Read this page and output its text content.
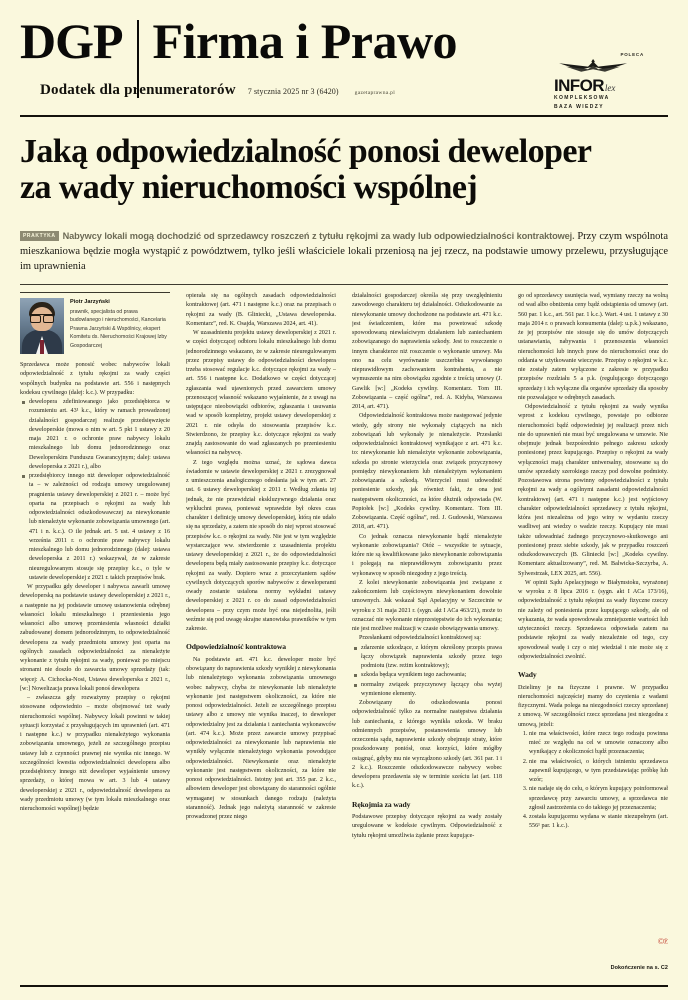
DGP Firma i Prawo
Dodatek dla prenumeratorów 7 stycznia 2025 nr 3 (6420)	gazetaprawna.pl
POLECA
INFOR lex
KOMPLEKSOWA
BAZA WIEDZY
Jaką odpowiedzialność ponosi deweloper
za wady nieruchomości wspólnej
PRAKTYKA Nabywcy lokali mogą dochodzić od sprzedawcy roszczeń z tytułu rękojmi za wady lub odpowiedzialności kontraktowej. Przy czym wspólnota mieszkaniowa będzie mogła wystąpić z powództwem, tylko jeśli właściciele lokali przeniosą na jej rzecz, na podstawie umowy przelewu, przysługujące im uprawnienia
Piotr Jarzyński
prawnik, specjalista od prawa budowlanego i nieruchomości, Kancelaria Prawna Jarzyński & Wspólnicy, ekspert Komitetu ds. Nieruchomości Krajowej Izby Gospodarczej

Sprzedawca może ponosić wobec nabywców lokali odpowiedzialność z tytułu rękojmi za wady części wspólnych budynku na podstawie art. 556 i następnych kodeksu cywilnego (dalej: k.c.). W przypadku:

dewelopera zdefiniowanego jako przedsiębiorca w rozumieniu art. 43¹ k.c., który w ramach prowadzonej działalności gospodarczej realizuje przedsięwzięcie deweloperskie (mowa o nim w art. 5 pkt 1 ustawy z 20 maja 2021 r. o ochronie praw nabywcy lokalu mieszkalnego lub domu jednorodzinnego oraz Deweloperskim Funduszu Gwarancyjnym; dalej: ustawa deweloperska z 2021 r.), albo
przedsiębiorcy innego niż deweloper odpowiedzialność ta – w zależności od rodzaju umowy uregulowanej pragnienia ustawy deweloperskiej z 2021 r. – może być oparta na przepisach o rękojmi za wady lub odpowiedzialności odszkodowawczej za niewykonanie lub nienależyte wykonanie zobowiązania umownego (art. 471 i n. k.c.). O ile jednak art. 5 ust. 4 ustawy z 16 września 2011 r. o ochronie praw nabywcy lokalu mieszkalnego lub domu jednorodzinnego (dalej: ustawa deweloperska z 2011 r.) wskazywał, że w zakresie nieuregulowanym stosuje się przepisy k.c., o tyle w ustawie deweloperskiej z 2021 r. takich przepisów brak.

W przypadku gdy deweloper i nabywca zawarli umowę deweloperską na podstawie ustawy deweloperskiej z 2021 r., a następnie na jej podstawie umowę ustanowienia odrębnej własności lokalu mieszkalnego i przeniesienia jego własności albo umowę przeniesienia własności działki zabudowanej domem jednorodzinnym, to odpowiedzialność dewelopera za wady przedmiotu umowy jest oparta na ogólnych zasadach odpowiedzialności za nienależyte wykonanie z tytułu rękojmi za wady, ponieważ po miejscu stronami nie doszło do zawarcia umowy sprzedaży (tak: więcej: A. Cichocka-Nosi, Ustawa deweloperska z 2021 r., [w:] Nowelizacja prawa lokali ponoś dewelopera

– zwłaszcza gdy rozważymy przepisy o rękojmi stosowane odpowiednio – może obejmować też wady nieruchomości wspólnej. Nabywcy lokali powinni w takiej sytuacji korzystać z przysługujących im uprawnień (art. 471 i następne k.c.) w przypadku nienależytego wykonania zobowiązania umownego, jeżeli ze szczególnego przepisu ustawy lub z czynności prawnej nie wynika nic innego. W szczególności kwestia odpowiedzialności dewelopera albo przedsiębiorcy innego niż deweloper wyjaśnienie umowy sprzedaży, o której mowa w art. 3 lub 4 ustawy deweloperskiej z 2021 r., odpowiedzialność dewelopera za wady przedmiotu umowy (w tym lokalu mieszkalnego oraz nieruchomości wspólnej) będzie

opierała się na ogólnych zasadach odpowiedzialności kontraktowej (art. 471 i następne k.c.) oraz na przepisach o rękojmi za wady (B. Gliniecki, „Ustawa deweloperska. Komentarz”, red. K. Osajda, Warszawa 2024, art. 41).

W uzasadnieniu projektu ustawy deweloperskiej z 2021 r. w części dotyczącej odbioru lokalu mieszkalnego lub domu jednorodzinnego wskazano, że w zakresie nieuregulowanym przez przepisy ustawy do odpowiedzialności dewelopera trzeba stosować regulacje k.c. dotyczące rękojmi za wady – art. 556 i następne k.c. Dodatkowo w części dotyczącej zgłaszania wad ujawnionych przed zawarciem umowy przenoszącej własność wskazano wyjaśnienie, że z uwagi na ustępujące nieobowiązki odbiorów, zgłaszania i usuwania wad w sposób kompletny, projekt ustawy deweloperskiej z 2021 r. nie odsyła do stosowania przepisów k.c. Stwierdzono, że przepisy k.c. dotyczące rękojmi za wady znajdą zastosowanie do wad zgłaszanych po przeniesieniu własności na nabywcę.

Z tego względu można uznać, że sądowa dawca świadomie w ustawie deweloperskiej z 2021 r. zrezygnował z umieszczenia analogicznego odesłania jak w tym art. 27 ust. 6 ustawy deweloperskiej z 2011 r. Według zdania tej jednak, że nie przewidział ekskluzywnego działania oraz wykluchni prawa, ponieważ wprawdzie był okres czas charakter i definicję umowy deweloperskiej, którą nie udało się na sprzedaży, a zatem nie sposób do niej wprost stosować przepisów k.c. o rękojmi za wady. Nie jest w tym względzie wystarczające ww. stwierdzenie z uzasadnienia projektu ustawy deweloperskiej z 2021 r., że do odpowiedzialności dewelopera będą miały zastosowanie przepisy k.c. dotyczące rękojmi za wady. Dopiero wraz z przeczytaniem sądów cywilnych dotyczących sporów nabywców z deweloperami owady zostanie ustalona normy wykładni ustawy deweloperskiej z 2021 r. co do zasad odpowiedzialności dewelopera – przy czym może być ona niejednolita, jeśli weźmie się pod uwagę skrajne stanowiska prawników w tym zakresie.

Odpowiedzialność kontraktowa

Na podstawie art. 471 k.c. deweloper może być obowiązany do naprawienia szkody wynikłej z niewykonania lub nienależytego wykonania zobowiązania umownego wobec nabywcy, chyba że niewykonanie lub nienależyte wykonanie jest następstwem okoliczności, za które nie ponosi odpowiedzialności. Jeżeli ze szczególnego przepisu ustawy albo z umowy nie wynika inaczej, to deweloper odpowiedzialny jest za działania i zaniechania wykonawców (art. 474 k.c.). Może przez zawarcie umowy przypisać odpowiedzialności za niewykonanie lub naprawienia nie wynikły wyłącznie nienależytego wykonania powodujące odpowiedzialności. Niewykonanie oraz nienależyte wykonanie jest następstwem okoliczności, za które nie ponosi odpowiedzialności. Istotny jest art. 355 par. 2 k.c., albowiem deweloper jest obowiązany do staranności ogólnie wymaganej w stosunkach danego rodzaju (należyta staranność). Jednak jego należytą staranność w zakresie prowadzonej przez niego

działalności gospodarczej określa się przy uwzględnieniu zawodowego charakteru tej działalności. Odszkodowanie za niewykonanie umowy dochodzone na podstawie art. 471 k.c. jest świadczeniem, które ma powetować szkodę spowodowaną niewłaściwym działaniem lub zaniechaniem zobowiązanego do naprawienia szkody. Jest to roszczenie o innym charakterze niż roszczenie o wykonanie umowy. Ma ono na celu wyrównanie uszczerbku wywołanego nieprawidłowym zachowaniem kontrahenta, a nie wymuszenie na nim obowiązku zgodnie z treścią umowy (J. Gawlik [w:] „Kodeks cywilny. Komentarz. Tom III. Zobowiązania – część ogólna”, red. A. Kidyba, Warszawa 2014, art. 471).

Odpowiedzialność kontraktowa może następować jedynie wtedy, gdy strony nie wykonały ciążących na nich zobowiązań lub wykonały je nienależycie. Przesłanki odpowiedzialności kontraktowej wynikające z art. 471 k.c. to: niewykonanie lub nienależyte wykonanie zobowiązania, szkoda po stronie wierzyciela oraz związek przyczynowy pomiędzy niewykonaniem lub nienależytym wykonaniem zobowiązania a szkodą. Wierzyciel musi udowodnić poniesienie szkody, jak również fakt, że ona jest następstwem okoliczności, za które dłużnik odpowiada (W. Popiołek [w:] „Kodeks cywilny. Komentarz. Tom III. Zobowiązania. Część ogólna”, red. J. Gudowski, Warszawa 2018, art. 471).

Co jednak oznacza niewykonanie bądź nienależyte wykonanie zobowiązania? Otóż – wszystkie te sytuacje, które nie są kwalifikowane jako niewykonanie zobowiązania i polegają na nieprawidłowym zobowiązaniu przez wykonawcę w sposób niezgodny z jego treścią.

Z kolei niewykonanie zobowiązania jest związane z zakończeniem lub częściowym niewykonaniem dowolnie umownych. Jak wskazał Sąd Apelacyjny w Szczecinie w wyroku z 31 maja 2021 r. (sygn. akt I ACa 463/21), może to oznaczać nie wykonanie nieprzestępstwie do ich wykonania; nie jest możliwe realizacji w czasie obowiązywania umowy.

Przesłankami odpowiedzialności kontraktowej są:

zdarzenie szkodzące, z którym określony przepis prawa łączy obowiązek naprawienia szkody przez tego podmiotu (tzw. reżim kontraktowy);
szkoda będąca wynikiem tego zachowania;
normalny związek przyczynowy łączący oba wyżej wymienione elementy.

Zobowiązany do odszkodowania ponosi odpowiedzialność tylko za normalne następstwa działania lub zaniechania, z którego wynikła szkoda. W braku odmiennych przepisów, postanowienia umowy lub orzeczenia sądu, naprawienie szkody obejmuje straty, które poszkodowany poniósł, oraz korzyści, które mógłby osiągnąć, gdyby mu nie wyrządzono szkody (art. 361 par. 1 i 2 k.c.). Roszczenie odszkodowawcze nabywcy wobec dewelopera przedawnia się w terminie sześciu lat (art. 118 k.c.).

Rękojmia za wady

Podstawowe przepisy dotyczące rękojmi za wady zostały uregulowane w kodeksie cywilnym. Odpowiedzialność z tytułu rękojmi umożliwia żądanie przez kupujące-

go od sprzedawcy usunięcia wad, wymiany rzeczy na wolną od wad albo obniżenia ceny bądź odstąpienia od umowy (art. 560 par. 1 k.c., art. 561 par. 1 k.c.). Wart. 4 ust. 1 ustawy z 30 maja 2014 r. o prawach konsumenta (dalej: u.p.k.) wskazano, że jej przepisów nie stosuje się do umów dotyczących ustanawiania, nabywania i przenoszenia własności nieruchomości lub innych praw do nieruchomości oraz do oddania w użytkowanie wieczyste. Przepisy o rękojmi w k.c. nie zostały zatem wyłączone z zakresie w przypadku przepisów rozdziału 5 a p.k. (regulującego dotyczącego sprzedaży i ich wyłączne dla organów sprzedaży dla sposoby nie pozwalające w odrębnych zasadach.

Odpowiedzialność z tytułu rękojmi za wady wynika wprost z kodeksu cywilnego, powstaje po odbiorze nieruchomości bądź odpowiedniej jej realizacji przez nich nie do uprawnień nie musi być uregulowana w umowie. Nie obejmuje jednak bezpośrednio pełnego zakresu szkody poniesionej przez kupującego. Przepisy o rękojmi za wady wyłączności mają charakter uniwersalny, stosowane są do umów sprzedaży szerokiego rzeczy pod dowolne podmioty. Pozostawowa strona powinny odpowiedzialności z tytułu rękojmi za wady a ogólnymi zasadami odpowiedzialności kontraktowej (art. 471 i następne k.c.) jest wyjściowy charakter odpowiedzialności sprzedawcy z tytułu rękojmi, która jest niezależna od jego winy w wydaniu rzeczy wadliwej ani wiedzy o wadzie rzeczy. Kupujący nie musi także udowadniać żadnego przyczynowo-skutkowego ani poniesionej przez siebie szkody, jak w przypadku roszczeń odszkodowawczych (B. Gliniecki [w:] „Kodeks cywilny. Komentarz aktualizowany”, red. M. Balwicka-Szczyrba, A. Sylwestrzak, LEX 2025, art. 556).

W opinii Sądu Apelacyjnego w Białymstoku, wyrażonej w wyroku z 8 lipca 2016 r. (sygn. akt I ACa 173/16), odpowiedzialność z tytułu rękojmi za wady fizyczne rzeczy nie zależy od poniesienia przez kupującego szkody, ale od wykazania, że wada spowodowała zmniejszenie wartości lub użyteczności rzeczy. Sprzedawca odpowiada zatem na podstawie rękojmi za wady niezależnie od tego, czy spowodował wadę i czy o niej wiedział i nie może się z odpowiedzialności zwolnić.

Wady

Dzielimy je na fizyczne i prawne. W przypadku nieruchomości najczęściej mamy do czynienia z wadami fizycznymi. Wada polega na niezgodności rzeczy sprzedanej z umową. W szczególności rzecz sprzedana jest niezgodna z umową, jeżeli:

1. nie ma właściwości, które rzecz tego rodzaju powinna mieć ze względu na cel w umowie oznaczony albo wynikający z okoliczności bądź przeznaczenia;
2. nie ma właściwości, o których istnieniu sprzedawca zapewnił kupującego, w tym przedstawiając próbkę lub wzór;
3. nie nadaje się do celu, o którym kupujący poinformował sprzedawcę przy zawarciu umowy, a sprzedawca nie zgłosił zastrzeżenia co do takiego jej przeznaczenia;
4. została kupującemu wydana w stanie niezupełnym (art. 556¹ par. 1 k.c.).
©℗
Dokończenie na s. C2
